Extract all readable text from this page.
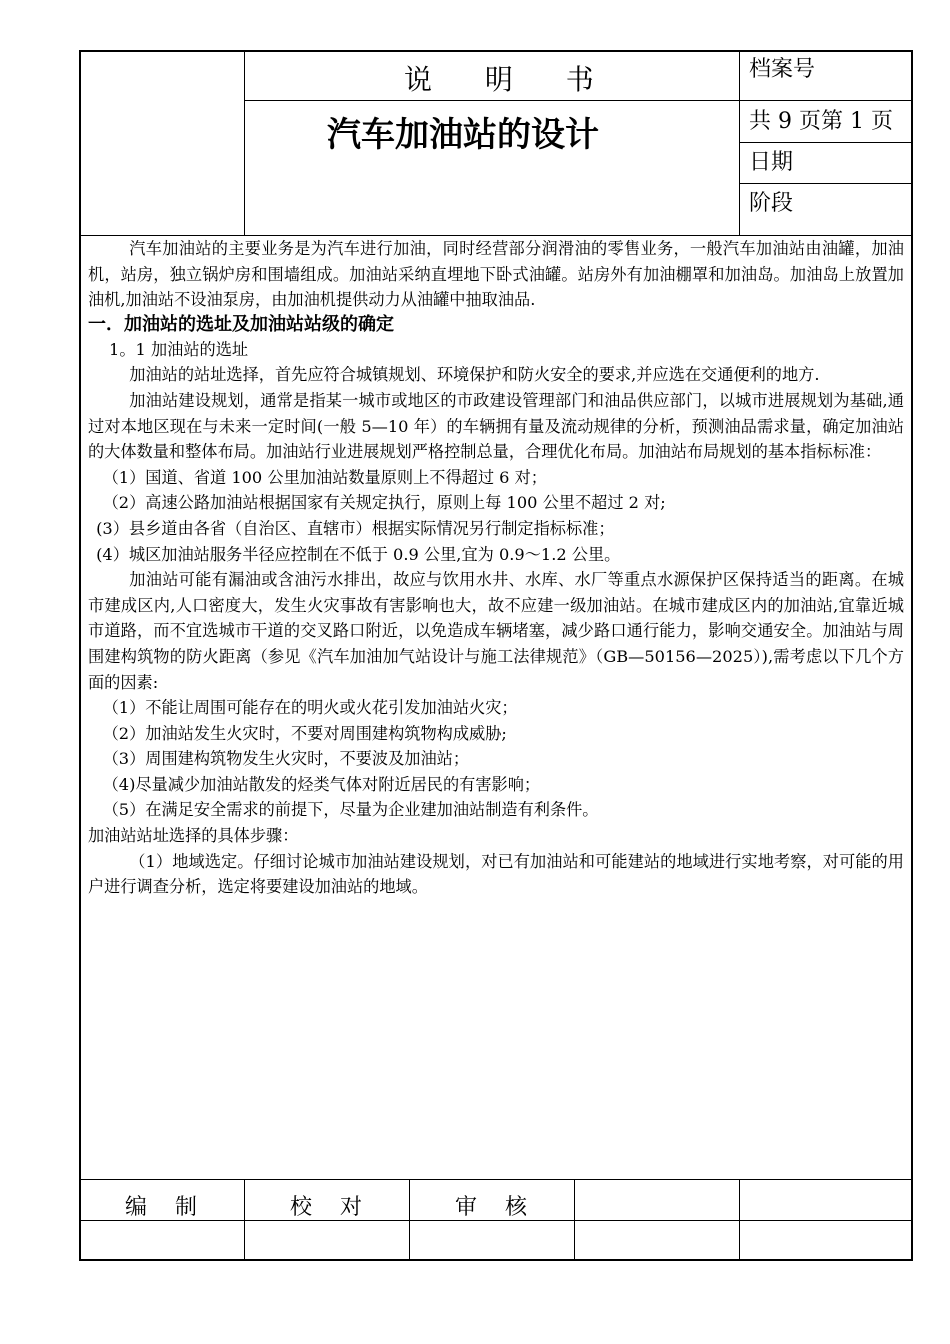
说 明 书
汽车加油站的设计
档案号
共 9 页第 1 页
日期
阶段

汽车加油站的主要业务是为汽车进行加油，同时经营部分润滑油的零售业务，一般汽车加油站由油罐，加油机，站房，独立锅炉房和围墙组成。加油站采纳直埋地下卧式油罐。站房外有加油棚罩和加油岛。加油岛上放置加油机,加油站不设油泵房，由加油机提供动力从油罐中抽取油品.

一．加油站的选址及加油站站级的确定

1。1 加油站的选址

加油站的站址选择，首先应符合城镇规划、环境保护和防火安全的要求,并应选在交通便利的地方.

加油站建设规划，通常是指某一城市或地区的市政建设管理部门和油品供应部门，以城市进展规划为基础,通过对本地区现在与未来一定时间(一般 5—10 年）的车辆拥有量及流动规律的分析，预测油品需求量，确定加油站的大体数量和整体布局。加油站行业进展规划严格控制总量，合理优化布局。加油站布局规划的基本指标标准：

（1）国道、省道 100 公里加油站数量原则上不得超过 6 对；

（2）高速公路加油站根据国家有关规定执行，原则上每 100 公里不超过 2 对;

(3）县乡道由各省（自治区、直辖市）根据实际情况另行制定指标标准；

(4）城区加油站服务半径应控制在不低于 0.9 公里,宜为 0.9～1.2 公里。

加油站可能有漏油或含油污水排出，故应与饮用水井、水库、水厂等重点水源保护区保持适当的距离。在城市建成区内,人口密度大，发生火灾事故有害影响也大，故不应建一级加油站。在城市建成区内的加油站,宜靠近城市道路，而不宜选城市干道的交叉路口附近，以免造成车辆堵塞，减少路口通行能力，影响交通安全。加油站与周围建构筑物的防火距离（参见《汽车加油加气站设计与施工法律规范》（GB—50156—2025）),需考虑以下几个方面的因素:

（1）不能让周围可能存在的明火或火花引发加油站火灾；

（2）加油站发生火灾时，不要对周围建构筑物构成威胁;

（3）周围建构筑物发生火灾时，不要波及加油站；

（4)尽量减少加油站散发的烃类气体对附近居民的有害影响；

（5）在满足安全需求的前提下，尽量为企业建加油站制造有利条件。

加油站站址选择的具体步骤：

（1）地域选定。仔细讨论城市加油站建设规划，对已有加油站和可能建站的地域进行实地考察，对可能的用户进行调查分析，选定将要建设加油站的地域。

编制	校对	审核
